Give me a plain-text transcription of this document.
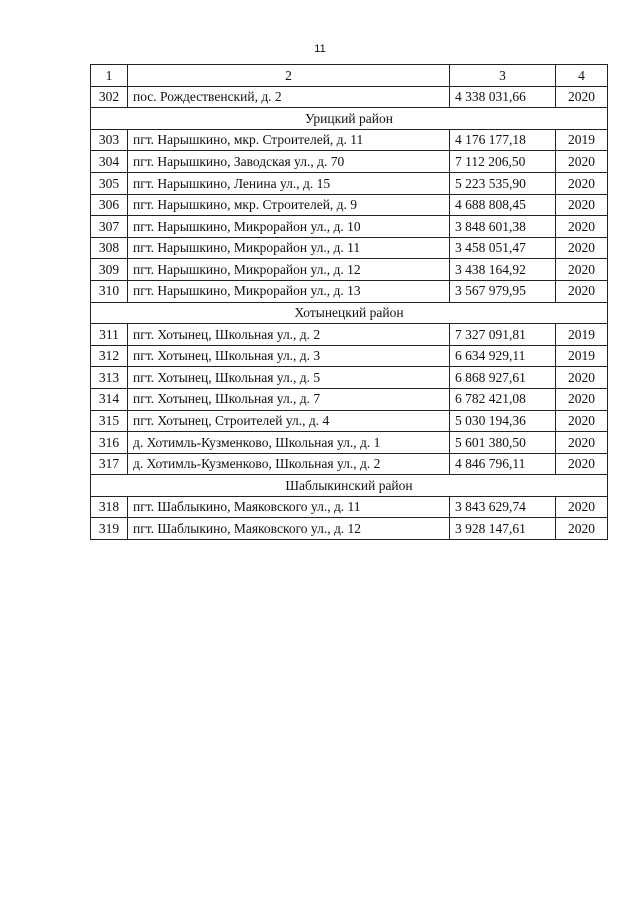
11
1	2	3	4
302	пос. Рождественский, д. 2	4 338 031,66	2020
Урицкий район			
303	пгт. Нарышкино, мкр. Строителей, д. 11	4 176 177,18	2019
304	пгт. Нарышкино, Заводская ул., д. 70	7 112 206,50	2020
305	пгт. Нарышкино, Ленина ул., д. 15	5 223 535,90	2020
306	пгт. Нарышкино, мкр. Строителей, д. 9	4 688 808,45	2020
307	пгт. Нарышкино, Микрорайон ул., д. 10	3 848 601,38	2020
308	пгт. Нарышкино, Микрорайон ул., д. 11	3 458 051,47	2020
309	пгт. Нарышкино, Микрорайон ул., д. 12	3 438 164,92	2020
310	пгт. Нарышкино, Микрорайон ул., д. 13	3 567 979,95	2020
Хотынецкий район			
311	пгт. Хотынец, Школьная ул., д. 2	7 327 091,81	2019
312	пгт. Хотынец, Школьная ул., д. 3	6 634 929,11	2019
313	пгт. Хотынец, Школьная ул., д. 5	6 868 927,61	2020
314	пгт. Хотынец, Школьная ул., д. 7	6 782 421,08	2020
315	пгт. Хотынец, Строителей ул., д. 4	5 030 194,36	2020
316	д. Хотимль-Кузменково, Школьная ул., д. 1	5 601 380,50	2020
317	д. Хотимль-Кузменково, Школьная ул., д. 2	4 846 796,11	2020
Шаблыкинский район			
318	пгт. Шаблыкино, Маяковского ул., д. 11	3 843 629,74	2020
319	пгт. Шаблыкино, Маяковского ул., д. 12	3 928 147,61	2020
